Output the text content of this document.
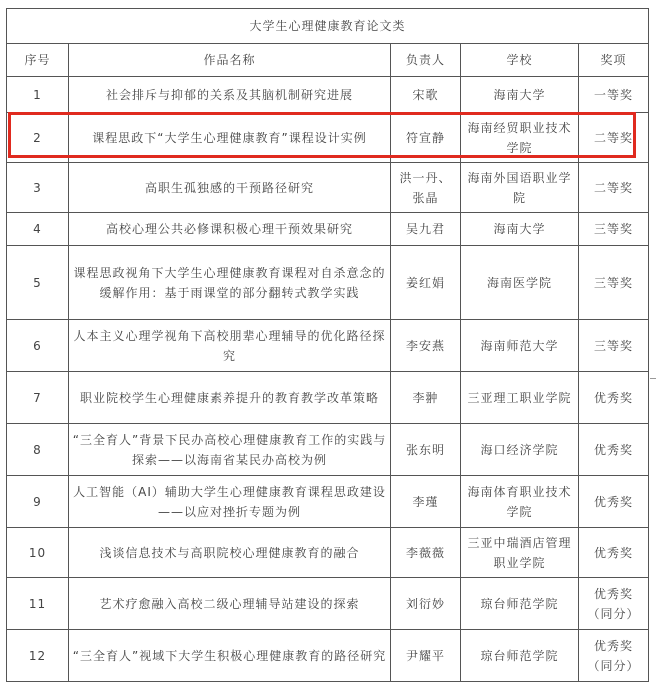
大学生心理健康教育论文类				
序号	作品名称	负责人	学校	奖项
1	社会排斥与抑郁的关系及其脑机制研究进展	宋歌	海南大学	一等奖
2	课程思政下“大学生心理健康教育”课程设计实例	符宣静	海南经贸职业技术学院	二等奖
3	高职生孤独感的干预路径研究	洪一丹、张晶	海南外国语职业学院	二等奖
4	高校心理公共必修课积极心理干预效果研究	吴九君	海南大学	三等奖
5	课程思政视角下大学生心理健康教育课程对自杀意念的缓解作用：基于雨课堂的部分翻转式教学实践	姜红娟	海南医学院	三等奖
6	人本主义心理学视角下高校朋辈心理辅导的优化路径探究	李安燕	海南师范大学	三等奖
7	职业院校学生心理健康素养提升的教育教学改革策略	李翀	三亚理工职业学院	优秀奖
8	“三全育人”背景下民办高校心理健康教育工作的实践与探索——以海南省某民办高校为例	张东明	海口经济学院	优秀奖
9	人工智能（AI）辅助大学生心理健康教育课程思政建设——以应对挫折专题为例	李瑾	海南体育职业技术学院	优秀奖
10	浅谈信息技术与高职院校心理健康教育的融合	李薇薇	三亚中瑞酒店管理职业学院	优秀奖
11	艺术疗愈融入高校二级心理辅导站建设的探索	刘衍妙	琼台师范学院	优秀奖（同分）
12	“三全育人”视域下大学生积极心理健康教育的路径研究	尹耀平	琼台师范学院	优秀奖（同分）
